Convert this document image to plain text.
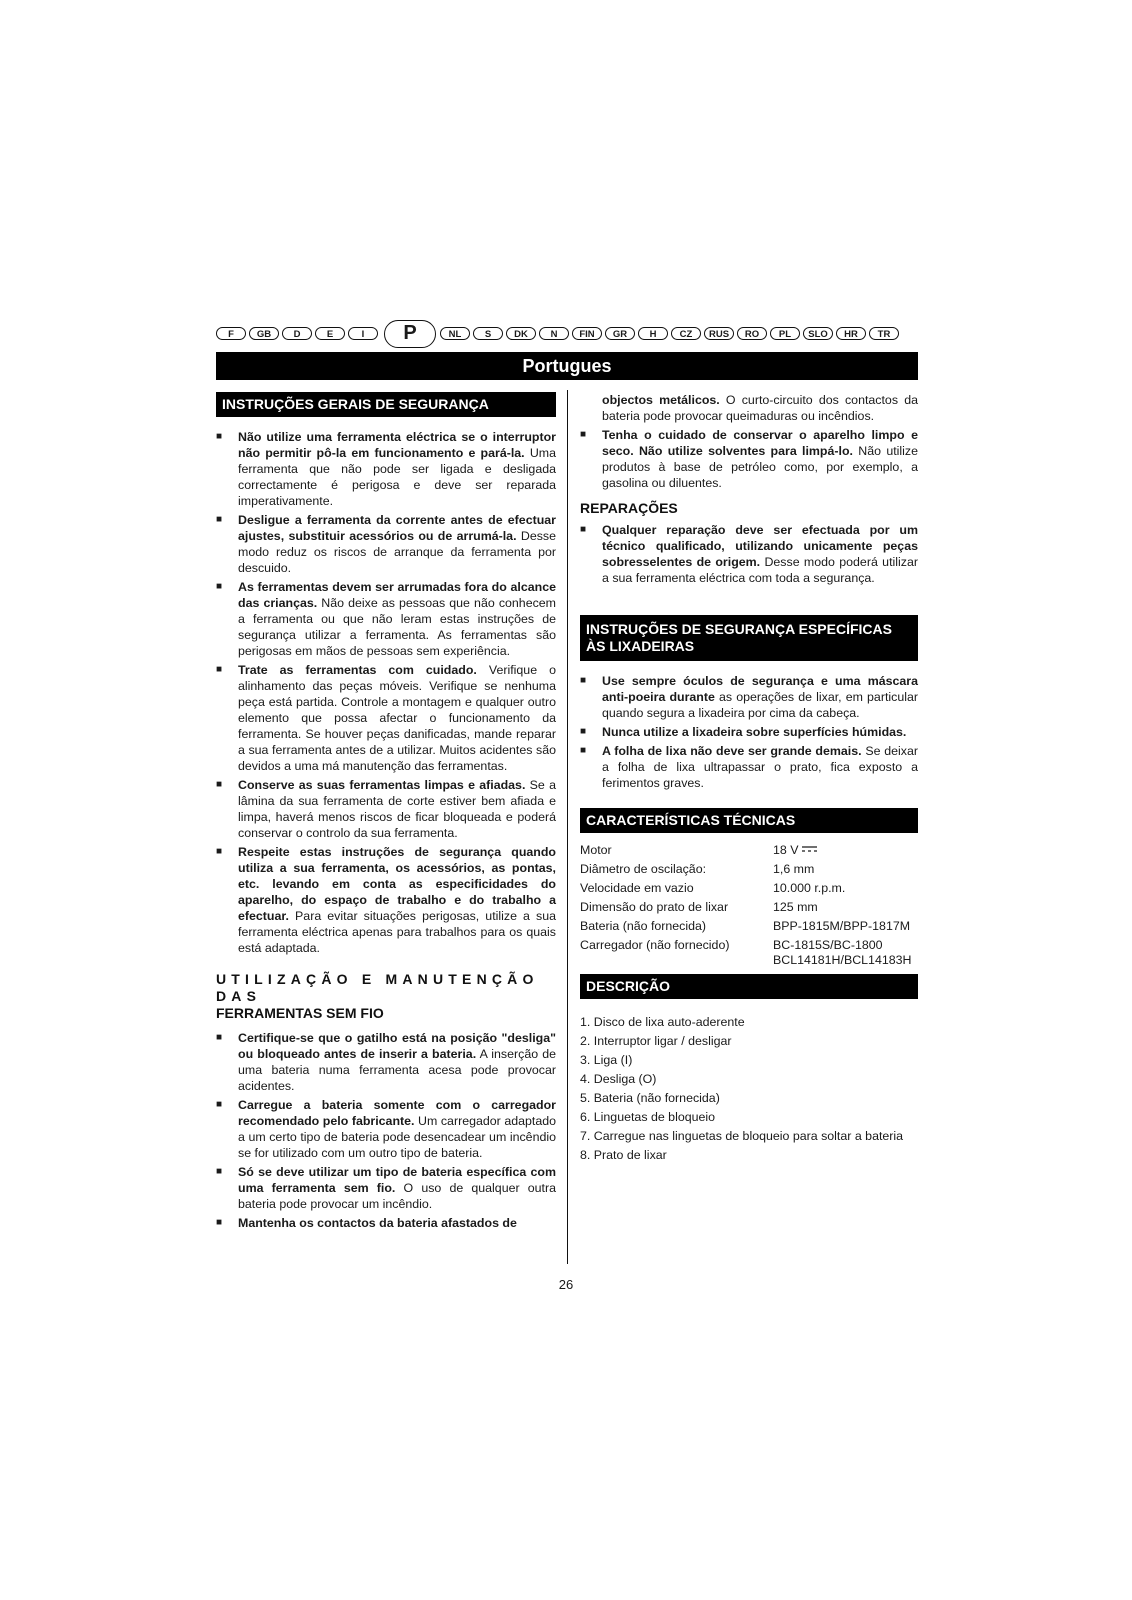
F	GB	D	E	I	P	NL	S	DK	N	FIN	GR	H	CZ	RUS	RO	PL	SLO	HR	TR
Portugues
INSTRUÇÕES GERAIS DE SEGURANÇA
■ Não utilize uma ferramenta eléctrica se o interruptor não permitir pô-la em funcionamento e pará-la. Uma ferramenta que não pode ser ligada e desligada correctamente é perigosa e deve ser reparada imperativamente.
■ Desligue a ferramenta da corrente antes de efectuar ajustes, substituir acessórios ou de arrumá-la. Desse modo reduz os riscos de arranque da ferramenta por descuido.
■ As ferramentas devem ser arrumadas fora do alcance das crianças. Não deixe as pessoas que não conhecem a ferramenta ou que não leram estas instruções de segurança utilizar a ferramenta. As ferramentas são perigosas em mãos de pessoas sem experiência.
■ Trate as ferramentas com cuidado. Verifique o alinhamento das peças móveis. Verifique se nenhuma peça está partida. Controle a montagem e qualquer outro elemento que possa afectar o funcionamento da ferramenta. Se houver peças danificadas, mande reparar a sua ferramenta antes de a utilizar. Muitos acidentes são devidos a uma má manutenção das ferramentas.
■ Conserve as suas ferramentas limpas e afiadas. Se a lâmina da sua ferramenta de corte estiver bem afiada e limpa, haverá menos riscos de ficar bloqueada e poderá conservar o controlo da sua ferramenta.
■ Respeite estas instruções de segurança quando utiliza a sua ferramenta, os acessórios, as pontas, etc. levando em conta as especificidades do aparelho, do espaço de trabalho e do trabalho a efectuar. Para evitar situações perigosas, utilize a sua ferramenta eléctrica apenas para trabalhos para os quais está adaptada.
UTILIZAÇÃO E MANUTENÇÃO DAS
FERRAMENTAS SEM FIO
■ Certifique-se que o gatilho está na posição "desliga" ou bloqueado antes de inserir a bateria. A inserção de uma bateria numa ferramenta acesa pode provocar acidentes.
■ Carregue a bateria somente com o carregador recomendado pelo fabricante. Um carregador adaptado a um certo tipo de bateria pode desencadear um incêndio se for utilizado com um outro tipo de bateria.
■ Só se deve utilizar um tipo de bateria específica com uma ferramenta sem fio. O uso de qualquer outra bateria pode provocar um incêndio.
■ Mantenha os contactos da bateria afastados de
objectos metálicos. O curto-circuito dos contactos da bateria pode provocar queimaduras ou incêndios.
■ Tenha o cuidado de conservar o aparelho limpo e seco. Não utilize solventes para limpá-lo. Não utilize produtos à base de petróleo como, por exemplo, a gasolina ou diluentes.
REPARAÇÕES
■ Qualquer reparação deve ser efectuada por um técnico qualificado, utilizando unicamente peças sobresselentes de origem. Desse modo poderá utilizar a sua ferramenta eléctrica com toda a segurança.
INSTRUÇÕES DE SEGURANÇA ESPECÍFICAS
ÀS LIXADEIRAS
■ Use sempre óculos de segurança e uma máscara anti-poeira durante as operações de lixar, em particular quando segura a lixadeira por cima da cabeça.
■ Nunca utilize a lixadeira sobre superfícies húmidas.
■ A folha de lixa não deve ser grande demais. Se deixar a folha de lixa ultrapassar o prato, fica exposto a ferimentos graves.
CARACTERÍSTICAS TÉCNICAS
Motor	18 V
Diâmetro de oscilação:	1,6 mm
Velocidade em vazio	10.000 r.p.m.
Dimensão do prato de lixar	125 mm
Bateria (não fornecida)	BPP-1815M/BPP-1817M
Carregador (não fornecido)	BC-1815S/BC-1800
BCL14181H/BCL14183H
DESCRIÇÃO
1. Disco de lixa auto-aderente
2. Interruptor ligar / desligar
3. Liga (I)
4. Desliga (O)
5. Bateria (não fornecida)
6. Linguetas de bloqueio
7. Carregue nas linguetas de bloqueio para soltar a bateria
8. Prato de lixar
26
